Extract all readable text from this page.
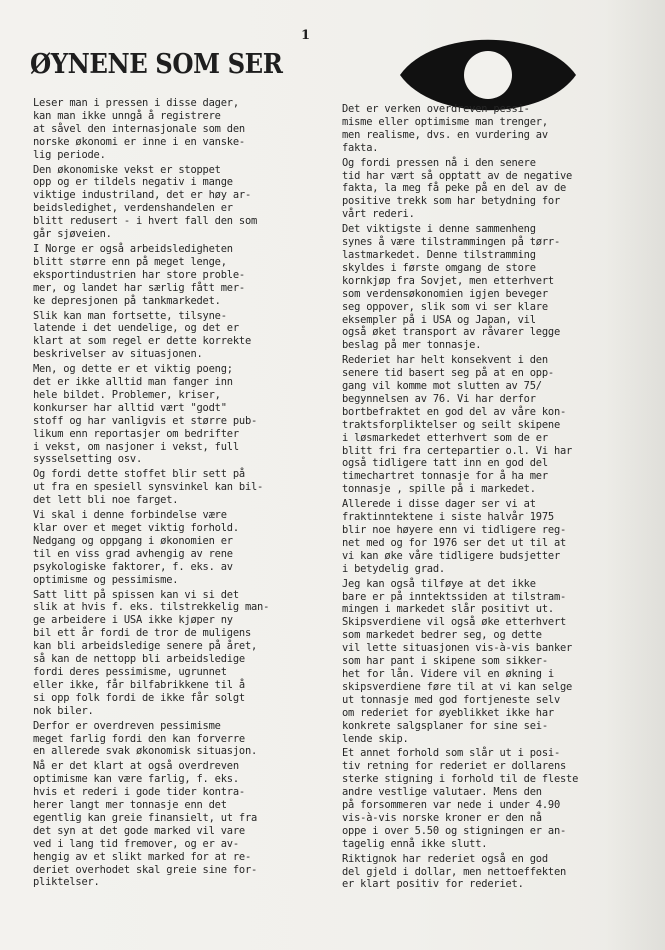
1
ØYNENE SOM SER

Leser man i pressen i disse dager,
kan man ikke unngå å registrere
at såvel den internasjonale som den
norske økonomi er inne i en vanske-
lig periode.

Den økonomiske vekst er stoppet
opp og er tildels negativ i mange
viktige industriland, det er høy ar-
beidsledighet, verdenshandelen er
blitt redusert - i hvert fall den som
går sjøveien.

I Norge er også arbeidsledigheten
blitt større enn på meget lenge,
eksportindustrien har store proble-
mer, og landet har særlig fått mer-
ke depresjonen på tankmarkedet.

Slik kan man fortsette, tilsyne-
latende i det uendelige, og det er
klart at som regel er dette korrekte
beskrivelser av situasjonen.

Men, og dette er et viktig poeng;
det er ikke alltid man fanger inn
hele bildet. Problemer, kriser,
konkurser har alltid vært "godt"
stoff og har vanligvis et større pub-
likum enn reportasjer om bedrifter
i vekst, om nasjoner i vekst, full
sysselsetting osv.

Og fordi dette stoffet blir sett på
ut fra en spesiell synsvinkel kan bil-
det lett bli noe farget.

Vi skal i denne forbindelse være
klar over et meget viktig forhold.
Nedgang og oppgang i økonomien er
til en viss grad avhengig av rene
psykologiske faktorer, f. eks. av
optimisme og pessimisme.

Satt litt på spissen kan vi si det
slik at hvis f. eks. tilstrekkelig man-
ge arbeidere i USA ikke kjøper ny
bil ett år fordi de tror de muligens
kan bli arbeidsledige senere på året,
så kan de nettopp bli arbeidsledige
fordi deres pessimisme, ugrunnet
eller ikke, får bilfabrikkene til å
si opp folk fordi de ikke får solgt
nok biler.

Derfor er overdreven pessimisme
meget farlig fordi den kan forverre
en allerede svak økonomisk situasjon.

Nå er det klart at også overdreven
optimisme kan være farlig, f. eks.
hvis et rederi i gode tider kontra-
herer langt mer tonnasje enn det
egentlig kan greie finansielt, ut fra
det syn at det gode marked vil vare
ved i lang tid fremover, og er av-
hengig av et slikt marked for at re-
deriet overhodet skal greie sine for-
pliktelser.

Det er verken overdreven pessi-
misme eller optimisme man trenger,
men realisme, dvs. en vurdering av
fakta.

Og fordi pressen nå i den senere
tid har vært så opptatt av de negative
fakta, la meg få peke på en del av de
positive trekk som har betydning for
vårt rederi.

Det viktigste i denne sammenheng
synes å være tilstrammingen på tørr-
lastmarkedet. Denne tilstramming
skyldes i første omgang de store
kornkjøp fra Sovjet, men etterhvert
som verdensøkonomien igjen beveger
seg oppover, slik som vi ser klare
eksempler på i USA og Japan, vil
også øket transport av råvarer legge
beslag på mer tonnasje.

Rederiet har helt konsekvent i den
senere tid basert seg på at en opp-
gang vil komme mot slutten av 75/
begynnelsen av 76. Vi har derfor
bortbefraktet en god del av våre kon-
traktsforpliktelser og seilt skipene
i løsmarkedet etterhvert som de er
blitt fri fra certepartier o.l. Vi har
også tidligere tatt inn en god del
timechartret tonnasje for å ha mer
tonnasje , spille på i markedet.

Allerede i disse dager ser vi at
fraktinntektene i siste halvår 1975
blir noe høyere enn vi tidligere reg-
net med og for 1976 ser det ut til at
vi kan øke våre tidligere budsjetter
i betydelig grad.

Jeg kan også tilføye at det ikke
bare er på inntektssiden at tilstram-
mingen i markedet slår positivt ut.
Skipsverdiene vil også øke etterhvert
som markedet bedrer seg, og dette
vil lette situasjonen vis-à-vis banker
som har pant i skipene som sikker-
het for lån. Videre vil en økning i
skipsverdiene føre til at vi kan selge
ut tonnasje med god fortjeneste selv
om rederiet for øyeblikket ikke har
konkrete salgsplaner for sine sei-
lende skip.

Et annet forhold som slår ut i posi-
tiv retning for rederiet er dollarens
sterke stigning i forhold til de fleste
andre vestlige valutaer. Mens den
på forsommeren var nede i under 4.90
vis-à-vis norske kroner er den nå
oppe i over 5.50 og stigningen er an-
tagelig ennå ikke slutt.

Riktignok har rederiet også en god
del gjeld i dollar, men nettoeffekten
er klart positiv for rederiet.
